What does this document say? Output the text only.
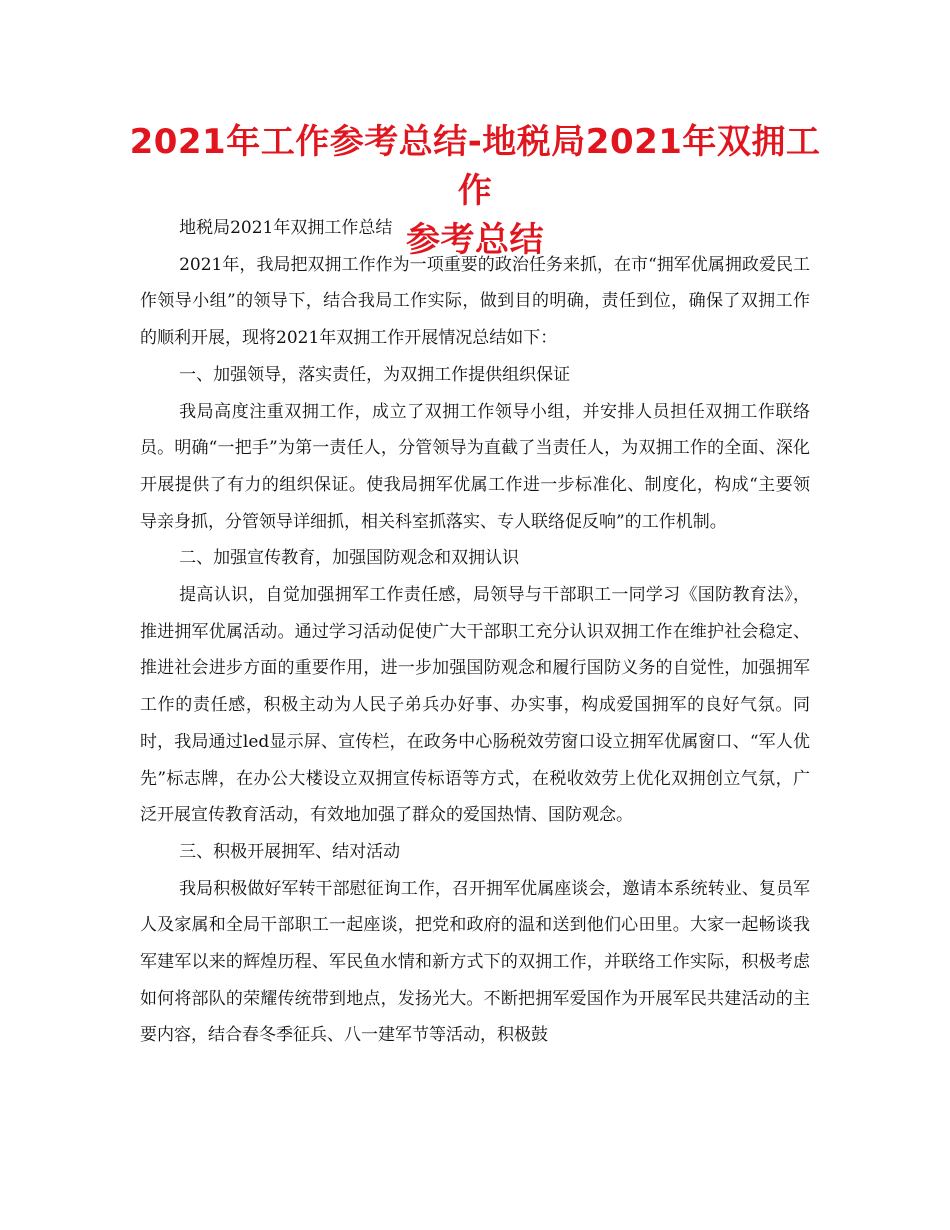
2021年工作参考总结-地税局2021年双拥工作
参考总结

地税局2021年双拥工作总结

2021年，我局把双拥工作作为一项重要的政治任务来抓，在市“拥军优属拥政爱民工作领导小组”的领导下，结合我局工作实际，做到目的明确，责任到位，确保了双拥工作的顺利开展，现将2021年双拥工作开展情况总结如下：

一、加强领导，落实责任，为双拥工作提供组织保证

我局高度注重双拥工作，成立了双拥工作领导小组，并安排人员担任双拥工作联络员。明确“一把手”为第一责任人，分管领导为直截了当责任人，为双拥工作的全面、深化开展提供了有力的组织保证。使我局拥军优属工作进一步标准化、制度化，构成“主要领导亲身抓，分管领导详细抓，相关科室抓落实、专人联络促反响”的工作机制。

二、加强宣传教育，加强国防观念和双拥认识

提高认识，自觉加强拥军工作责任感，局领导与干部职工一同学习《国防教育法》，推进拥军优属活动。通过学习活动促使广大干部职工充分认识双拥工作在维护社会稳定、推进社会进步方面的重要作用，进一步加强国防观念和履行国防义务的自觉性，加强拥军工作的责任感，积极主动为人民子弟兵办好事、办实事，构成爱国拥军的良好气氛。同时，我局通过led显示屏、宣传栏，在政务中心肠税效劳窗口设立拥军优属窗口、“军人优先”标志牌，在办公大楼设立双拥宣传标语等方式，在税收效劳上优化双拥创立气氛，广泛开展宣传教育活动，有效地加强了群众的爱国热情、国防观念。

三、积极开展拥军、结对活动

我局积极做好军转干部慰征询工作，召开拥军优属座谈会，邀请本系统转业、复员军人及家属和全局干部职工一起座谈，把党和政府的温和送到他们心田里。大家一起畅谈我军建军以来的辉煌历程、军民鱼水情和新方式下的双拥工作，并联络工作实际，积极考虑如何将部队的荣耀传统带到地点，发扬光大。不断把拥军爱国作为开展军民共建活动的主要内容，结合春冬季征兵、八一建军节等活动，积极鼓
